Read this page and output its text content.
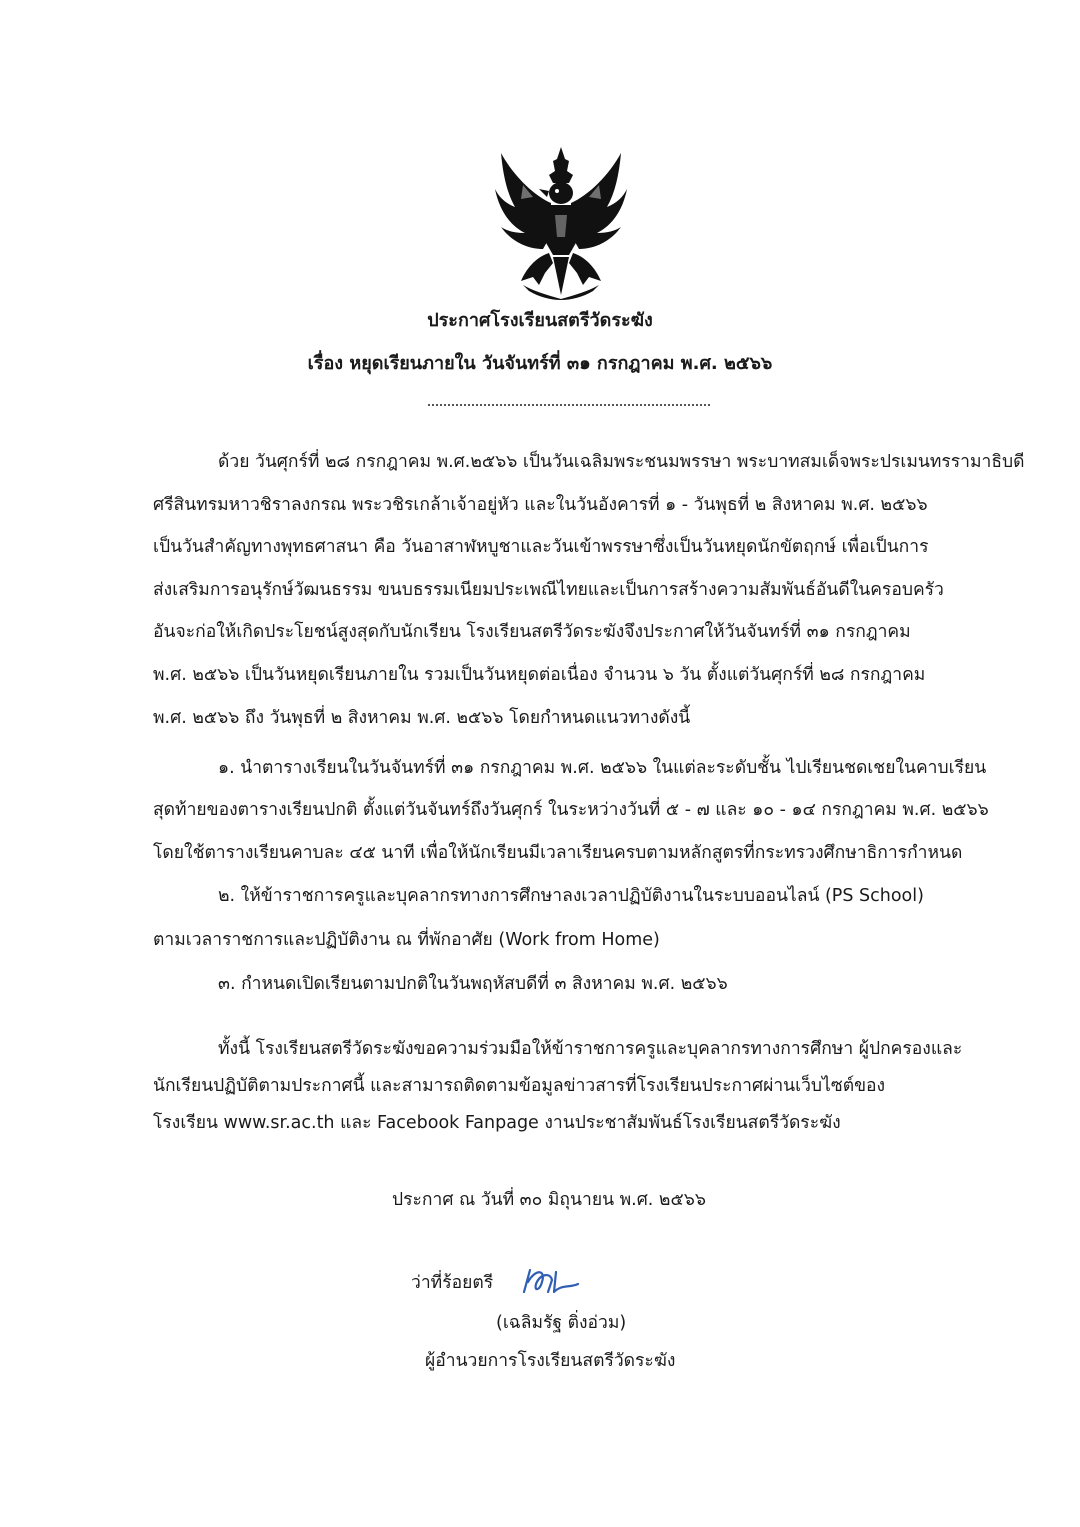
ประกาศโรงเรียนสตรีวัดระฆัง
เรื่อง หยุดเรียนภายใน วันจันทร์ที่ ๓๑ กรกฎาคม พ.ศ. ๒๕๖๖
ด้วย วันศุกร์ที่ ๒๘ กรกฎาคม พ.ศ.๒๕๖๖ เป็นวันเฉลิมพระชนมพรรษา พระบาทสมเด็จพระปรเมนทรรามาธิบดี
ศรีสินทรมหาวชิราลงกรณ พระวชิรเกล้าเจ้าอยู่หัว และในวันอังคารที่ ๑ - วันพุธที่ ๒ สิงหาคม พ.ศ. ๒๕๖๖
เป็นวันสำคัญทางพุทธศาสนา คือ วันอาสาฬหบูชาและวันเข้าพรรษาซึ่งเป็นวันหยุดนักขัตฤกษ์ เพื่อเป็นการ
ส่งเสริมการอนุรักษ์วัฒนธรรม ขนบธรรมเนียมประเพณีไทยและเป็นการสร้างความสัมพันธ์อันดีในครอบครัว
อันจะก่อให้เกิดประโยชน์สูงสุดกับนักเรียน โรงเรียนสตรีวัดระฆังจึงประกาศให้วันจันทร์ที่ ๓๑ กรกฎาคม
พ.ศ. ๒๕๖๖ เป็นวันหยุดเรียนภายใน รวมเป็นวันหยุดต่อเนื่อง จำนวน ๖ วัน ตั้งแต่วันศุกร์ที่ ๒๘ กรกฎาคม
พ.ศ. ๒๕๖๖ ถึง วันพุธที่ ๒ สิงหาคม พ.ศ. ๒๕๖๖ โดยกำหนดแนวทางดังนี้
๑. นำตารางเรียนในวันจันทร์ที่ ๓๑ กรกฎาคม พ.ศ. ๒๕๖๖ ในแต่ละระดับชั้น ไปเรียนชดเชยในคาบเรียน
สุดท้ายของตารางเรียนปกติ ตั้งแต่วันจันทร์ถึงวันศุกร์ ในระหว่างวันที่ ๕ - ๗ และ ๑๐ - ๑๔ กรกฎาคม พ.ศ. ๒๕๖๖
โดยใช้ตารางเรียนคาบละ ๔๕ นาที เพื่อให้นักเรียนมีเวลาเรียนครบตามหลักสูตรที่กระทรวงศึกษาธิการกำหนด
๒. ให้ข้าราชการครูและบุคลากรทางการศึกษาลงเวลาปฏิบัติงานในระบบออนไลน์ (PS School)
ตามเวลาราชการและปฏิบัติงาน ณ ที่พักอาศัย (Work from Home)
๓. กำหนดเปิดเรียนตามปกติในวันพฤหัสบดีที่ ๓ สิงหาคม พ.ศ. ๒๕๖๖
ทั้งนี้ โรงเรียนสตรีวัดระฆังขอความร่วมมือให้ข้าราชการครูและบุคลากรทางการศึกษา ผู้ปกครองและ
นักเรียนปฏิบัติตามประกาศนี้ และสามารถติดตามข้อมูลข่าวสารที่โรงเรียนประกาศผ่านเว็บไซต์ของ
โรงเรียน www.sr.ac.th และ Facebook Fanpage งานประชาสัมพันธ์โรงเรียนสตรีวัดระฆัง
ประกาศ ณ วันที่ ๓๐ มิถุนายน พ.ศ. ๒๕๖๖
ว่าที่ร้อยตรี
(เฉลิมรัฐ ติ่งอ่วม)
ผู้อำนวยการโรงเรียนสตรีวัดระฆัง
